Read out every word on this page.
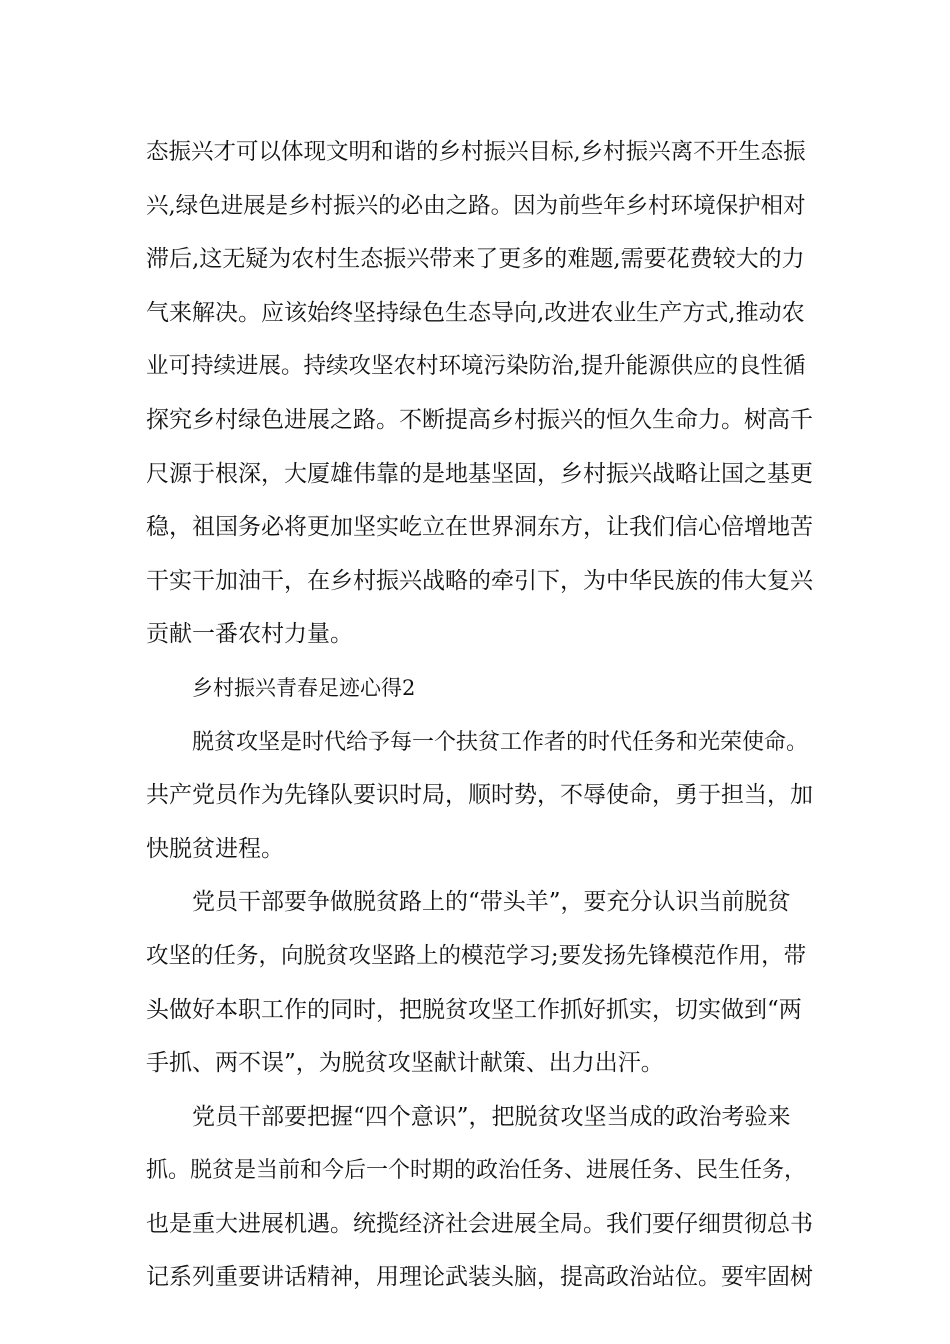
态振兴才可以体现文明和谐的乡村振兴目标,乡村振兴离不开生态振
兴,绿色进展是乡村振兴的必由之路。因为前些年乡村环境保护相对
滞后,这无疑为农村生态振兴带来了更多的难题,需要花费较大的力
气来解决。应该始终坚持绿色生态导向,改进农业生产方式,推动农
业可持续进展。持续攻坚农村环境污染防治,提升能源供应的良性循
探究乡村绿色进展之路。不断提高乡村振兴的恒久生命力。树高千
尺源于根深，大厦雄伟靠的是地基坚固，乡村振兴战略让国之基更
稳，祖国务必将更加坚实屹立在世界洞东方，让我们信心倍增地苦
干实干加油干，在乡村振兴战略的牵引下，为中华民族的伟大复兴
贡献一番农村力量。
乡村振兴青春足迹心得2
脱贫攻坚是时代给予每一个扶贫工作者的时代任务和光荣使命。
共产党员作为先锋队要识时局，顺时势，不辱使命，勇于担当，加
快脱贫进程。
党员干部要争做脱贫路上的“带头羊”，要充分认识当前脱贫
攻坚的任务，向脱贫攻坚路上的模范学习;要发扬先锋模范作用，带
头做好本职工作的同时，把脱贫攻坚工作抓好抓实，切实做到“两
手抓、两不误”，为脱贫攻坚献计献策、出力出汗。
党员干部要把握“四个意识”，把脱贫攻坚当成的政治考验来
抓。脱贫是当前和今后一个时期的政治任务、进展任务、民生任务，
也是重大进展机遇。统揽经济社会进展全局。我们要仔细贯彻总书
记系列重要讲话精神，用理论武装头脑，提高政治站位。要牢固树
